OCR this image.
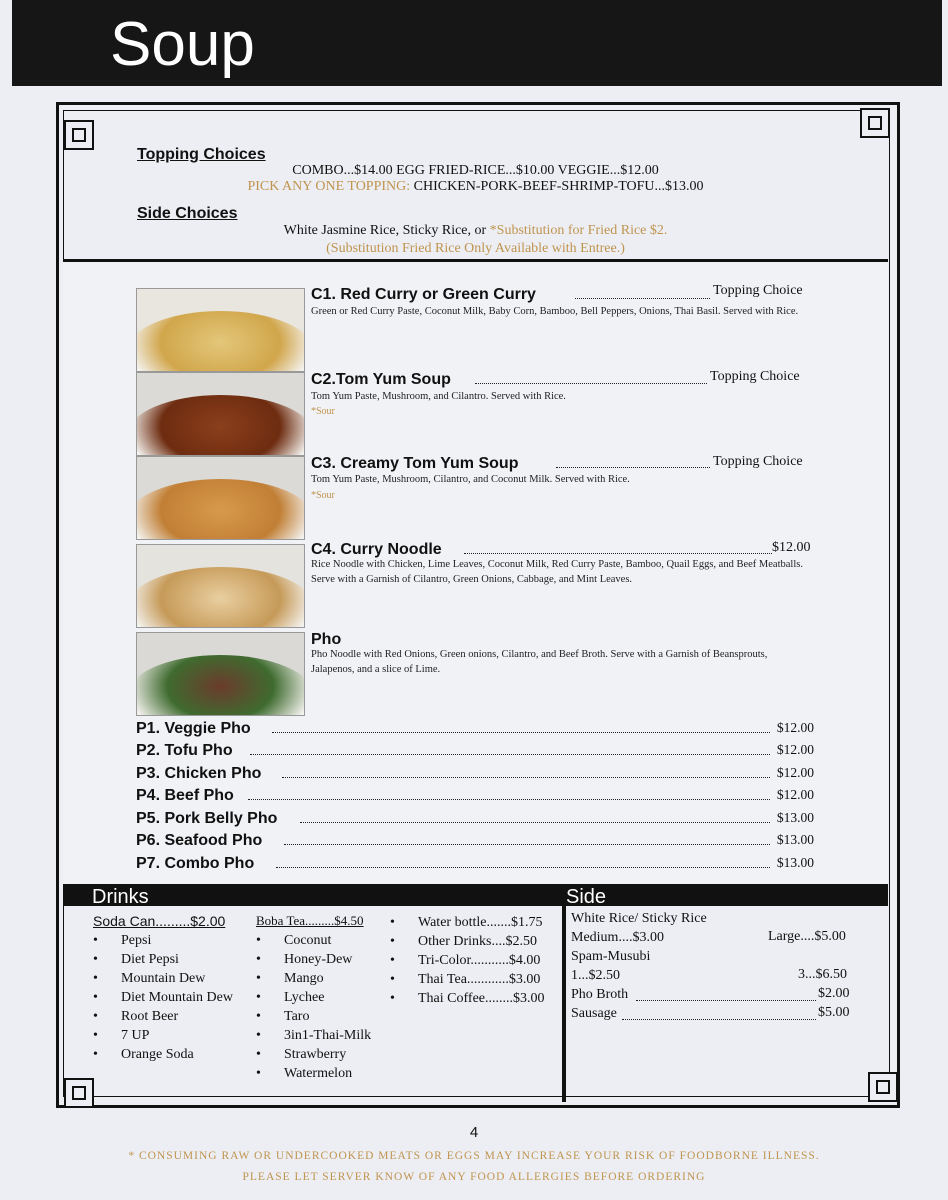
Soup
Topping Choices
COMBO...$14.00 EGG FRIED-RICE...$10.00 VEGGIE...$12.00
PICK ANY ONE TOPPING: CHICKEN-PORK-BEEF-SHRIMP-TOFU...$13.00
Side Choices
White Jasmine Rice, Sticky Rice, or *Substitution for Fried Rice $2.
(Substitution Fried Rice Only Available with Entree.)
C1. Red Curry or Green Curry	Topping Choice
Green or Red Curry Paste, Coconut Milk, Baby Corn, Bamboo, Bell Peppers, Onions, Thai Basil. Served with Rice.
C2.Tom Yum Soup	Topping Choice
Tom Yum Paste, Mushroom, and Cilantro. Served with Rice.
*Sour
C3. Creamy Tom Yum Soup	Topping Choice
Tom Yum Paste, Mushroom, Cilantro, and Coconut Milk. Served with Rice.
*Sour
C4. Curry Noodle	$12.00
Rice Noodle with Chicken, Lime Leaves, Coconut Milk, Red Curry Paste, Bamboo, Quail Eggs, and Beef Meatballs. Serve with a Garnish of Cilantro, Green Onions, Cabbage, and Mint Leaves.
Pho
Pho Noodle with Red Onions, Green onions, Cilantro, and Beef Broth. Serve with a Garnish of Beansprouts, Jalapenos, and a slice of Lime.
P1. Veggie Pho	$12.00
P2. Tofu Pho	$12.00
P3. Chicken Pho	$12.00
P4. Beef Pho	$12.00
P5. Pork Belly Pho	$13.00
P6. Seafood Pho	$13.00
P7. Combo Pho	$13.00
Drinks	Side
Soda Can.........$2.00
• Pepsi
• Diet Pepsi
• Mountain Dew
• Diet Mountain Dew
• Root Beer
• 7 UP
• Orange Soda
Boba Tea.........$4.50
• Coconut
• Honey-Dew
• Mango
• Lychee
• Taro
• 3in1-Thai-Milk
• Strawberry
• Watermelon
• Water bottle.......$1.75
• Other Drinks....$2.50
• Tri-Color...........$4.00
• Thai Tea............$3.00
• Thai Coffee........$3.00
White Rice/ Sticky Rice
Medium....$3.00	Large....$5.00
Spam-Musubi
1...$2.50	3...$6.50
Pho Broth	$2.00
Sausage	$5.00
4
* CONSUMING RAW OR UNDERCOOKED MEATS OR EGGS MAY INCREASE YOUR RISK OF FOODBORNE ILLNESS.
PLEASE LET SERVER KNOW OF ANY FOOD ALLERGIES BEFORE ORDERING
